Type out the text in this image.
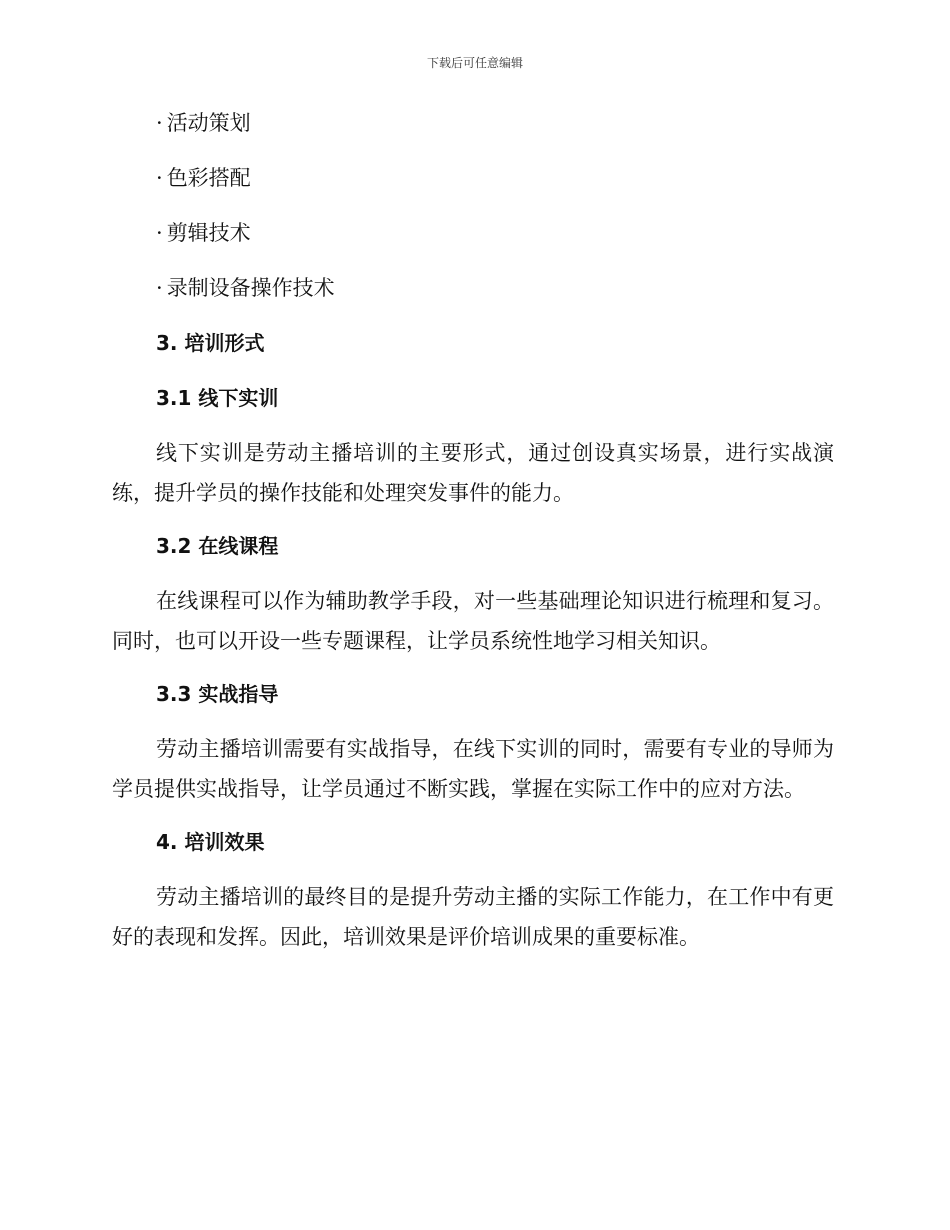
下载后可任意编辑
· 活动策划
· 色彩搭配
· 剪辑技术
· 录制设备操作技术
3. 培训形式
3.1 线下实训

线下实训是劳动主播培训的主要形式，通过创设真实场景，进行实战演练，提升学员的操作技能和处理突发事件的能力。

3.2 在线课程

在线课程可以作为辅助教学手段，对一些基础理论知识进行梳理和复习。同时，也可以开设一些专题课程，让学员系统性地学习相关知识。

3.3 实战指导

劳动主播培训需要有实战指导，在线下实训的同时，需要有专业的导师为学员提供实战指导，让学员通过不断实践，掌握在实际工作中的应对方法。

4. 培训效果

劳动主播培训的最终目的是提升劳动主播的实际工作能力，在工作中有更好的表现和发挥。因此，培训效果是评价培训成果的重要标准。
